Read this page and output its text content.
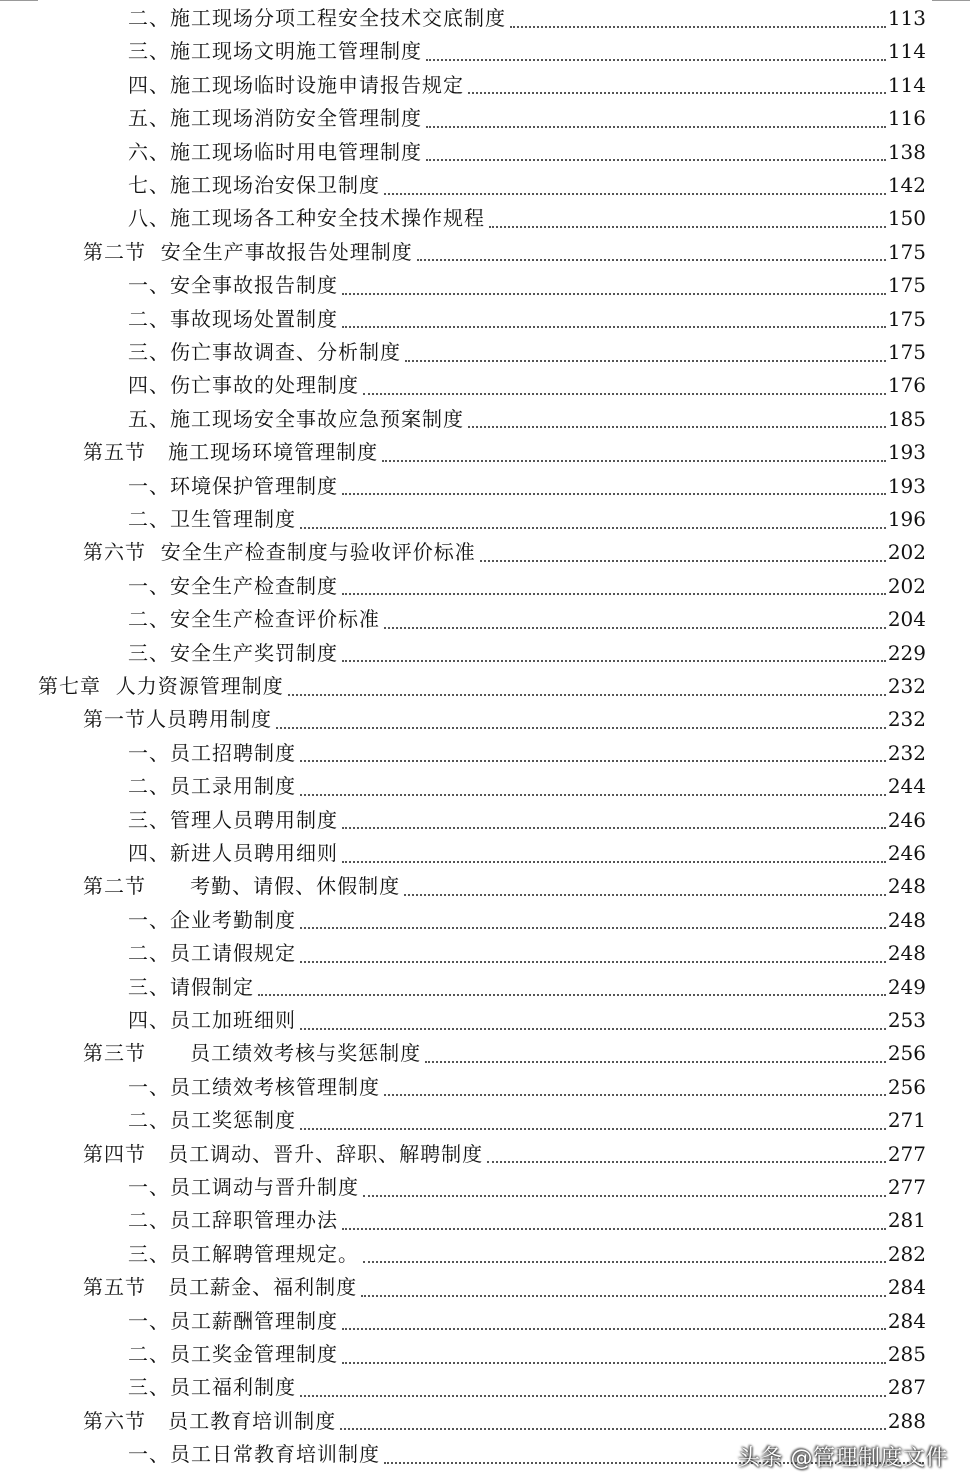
二、施工现场分项工程安全技术交底制度	113
三、施工现场文明施工管理制度	114
四、施工现场临时设施申请报告规定	114
五、施工现场消防安全管理制度	116
六、施工现场临时用电管理制度	138
七、施工现场治安保卫制度	142
八、施工现场各工种安全技术操作规程	150
第二节  安全生产事故报告处理制度	175
一、安全事故报告制度	175
二、事故现场处置制度	175
三、伤亡事故调查、分析制度	175
四、伤亡事故的处理制度	176
五、施工现场安全事故应急预案制度	185
第五节   施工现场环境管理制度	193
一、环境保护管理制度	193
二、卫生管理制度	196
第六节  安全生产检查制度与验收评价标准	202
一、安全生产检查制度	202
二、安全生产检查评价标准	204
三、安全生产奖罚制度	229
第七章  人力资源管理制度	232
第一节人员聘用制度	232
一、员工招聘制度	232
二、员工录用制度	244
三、管理人员聘用制度	246
四、新进人员聘用细则	246
第二节      考勤、请假、休假制度	248
一、企业考勤制度	248
二、员工请假规定	248
三、请假制定	249
四、员工加班细则	253
第三节      员工绩效考核与奖惩制度	256
一、员工绩效考核管理制度	256
二、员工奖惩制度	271
第四节   员工调动、晋升、辞职、解聘制度	277
一、员工调动与晋升制度	277
二、员工辞职管理办法	281
三、员工解聘管理规定。	282
第五节   员工薪金、福利制度	284
一、员工薪酬管理制度	284
二、员工奖金管理制度	285
三、员工福利制度	287
第六节   员工教育培训制度	288
一、员工日常教育培训制度	头条 @管理制度文件
